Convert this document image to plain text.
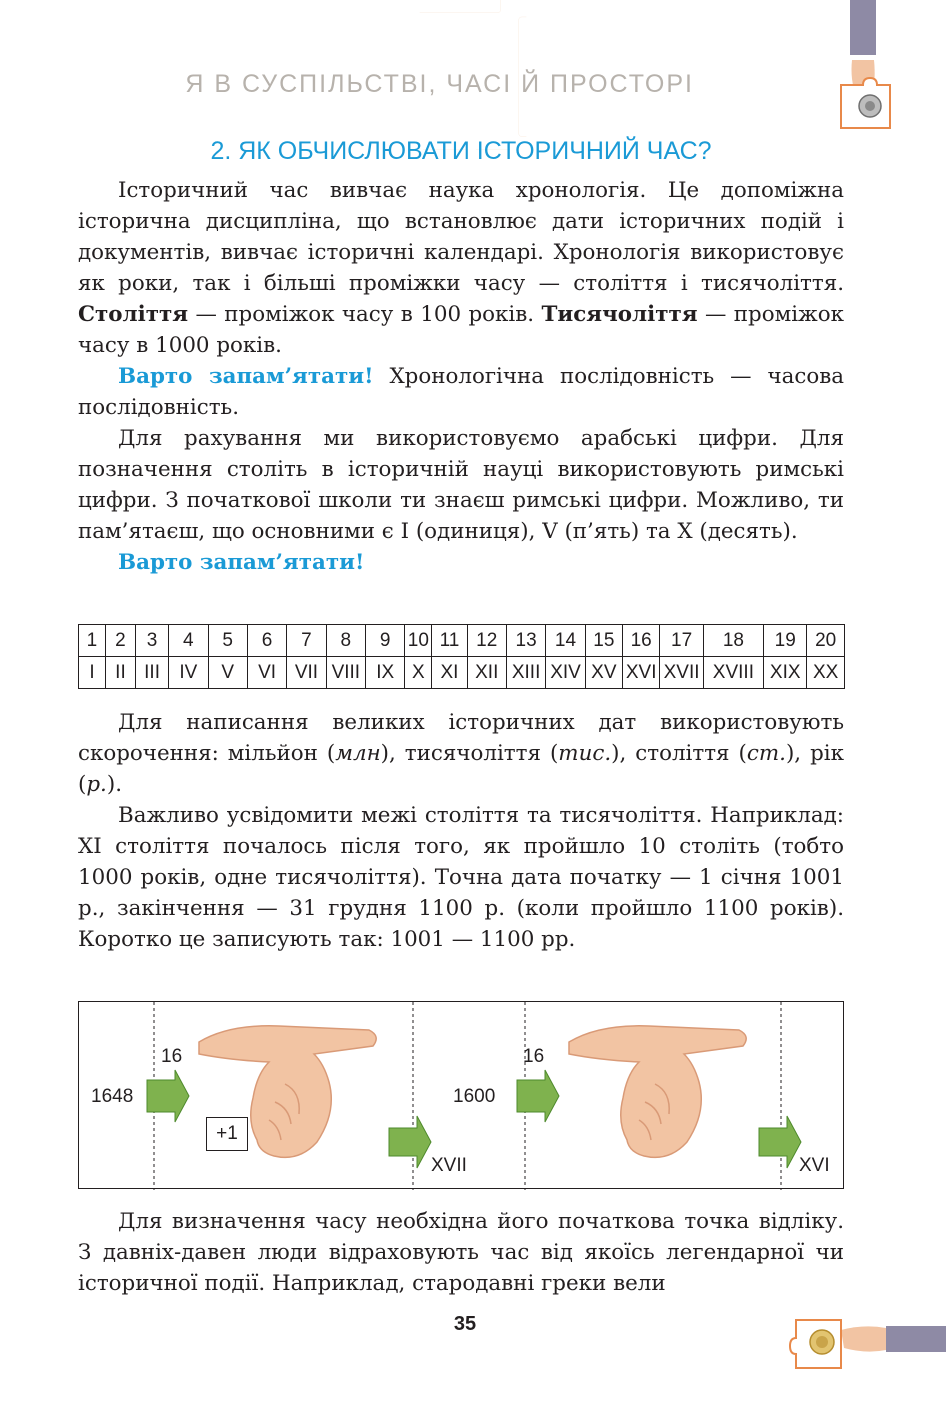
Я В СУСПІЛЬСТВІ, ЧАСІ Й ПРОСТОРІ
2. ЯК ОБЧИСЛЮВАТИ ІСТОРИЧНИЙ ЧАС?

Історичний час вивчає наука хронологія. Це допоміжна історична дисципліна, що встановлює дати історичних подій і документів, вивчає історичні календарі. Хронологія використовує як роки, так і більші проміжки часу — століття і тисячоліття. Століття — проміжок часу в 100 років. Тисячоліття — проміжок часу в 1000 років.

Варто запам’ятати! Хронологічна послідовність — часова послідовність.

Для рахування ми використовуємо арабські цифри. Для позначення століть в історичній науці використовують римські цифри. З початкової школи ти знаєш римські цифри. Можливо, ти пам’ятаєш, що основними є I (одиниця), V (п’ять) та X (десять).

Варто запам’ятати!

1	2	3	4	5	6	7	8	9	10	11	12	13	14	15	16	17	18	19	20
I	II	III	IV	V	VI	VII	VIII	IX	X	XI	XII	XIII	XIV	XV	XVI	XVII	XVIII	XIX	XX

Для написання великих історичних дат використовують скорочення: мільйон (млн), тисячоліття (тис.), століття (ст.), рік (р.).

Важливо усвідомити межі століття та тисячоліття. Наприклад: XI століття почалось після того, як пройшло 10 століть (тобто 1000 років, одне тисячоліття). Точна дата початку — 1 січня 1001 р., закінчення — 31 грудня 1100 р. (коли пройшло 1100 років). Коротко це записують так: 1001 — 1100 рр.

1648
16
+1
XVII
1600
16
XVI

Для визначення часу необхідна його початкова точка відліку. З давніх-давен люди відраховують час від якоїсь легендарної чи історичної події. Наприклад, стародавні греки вели

35
